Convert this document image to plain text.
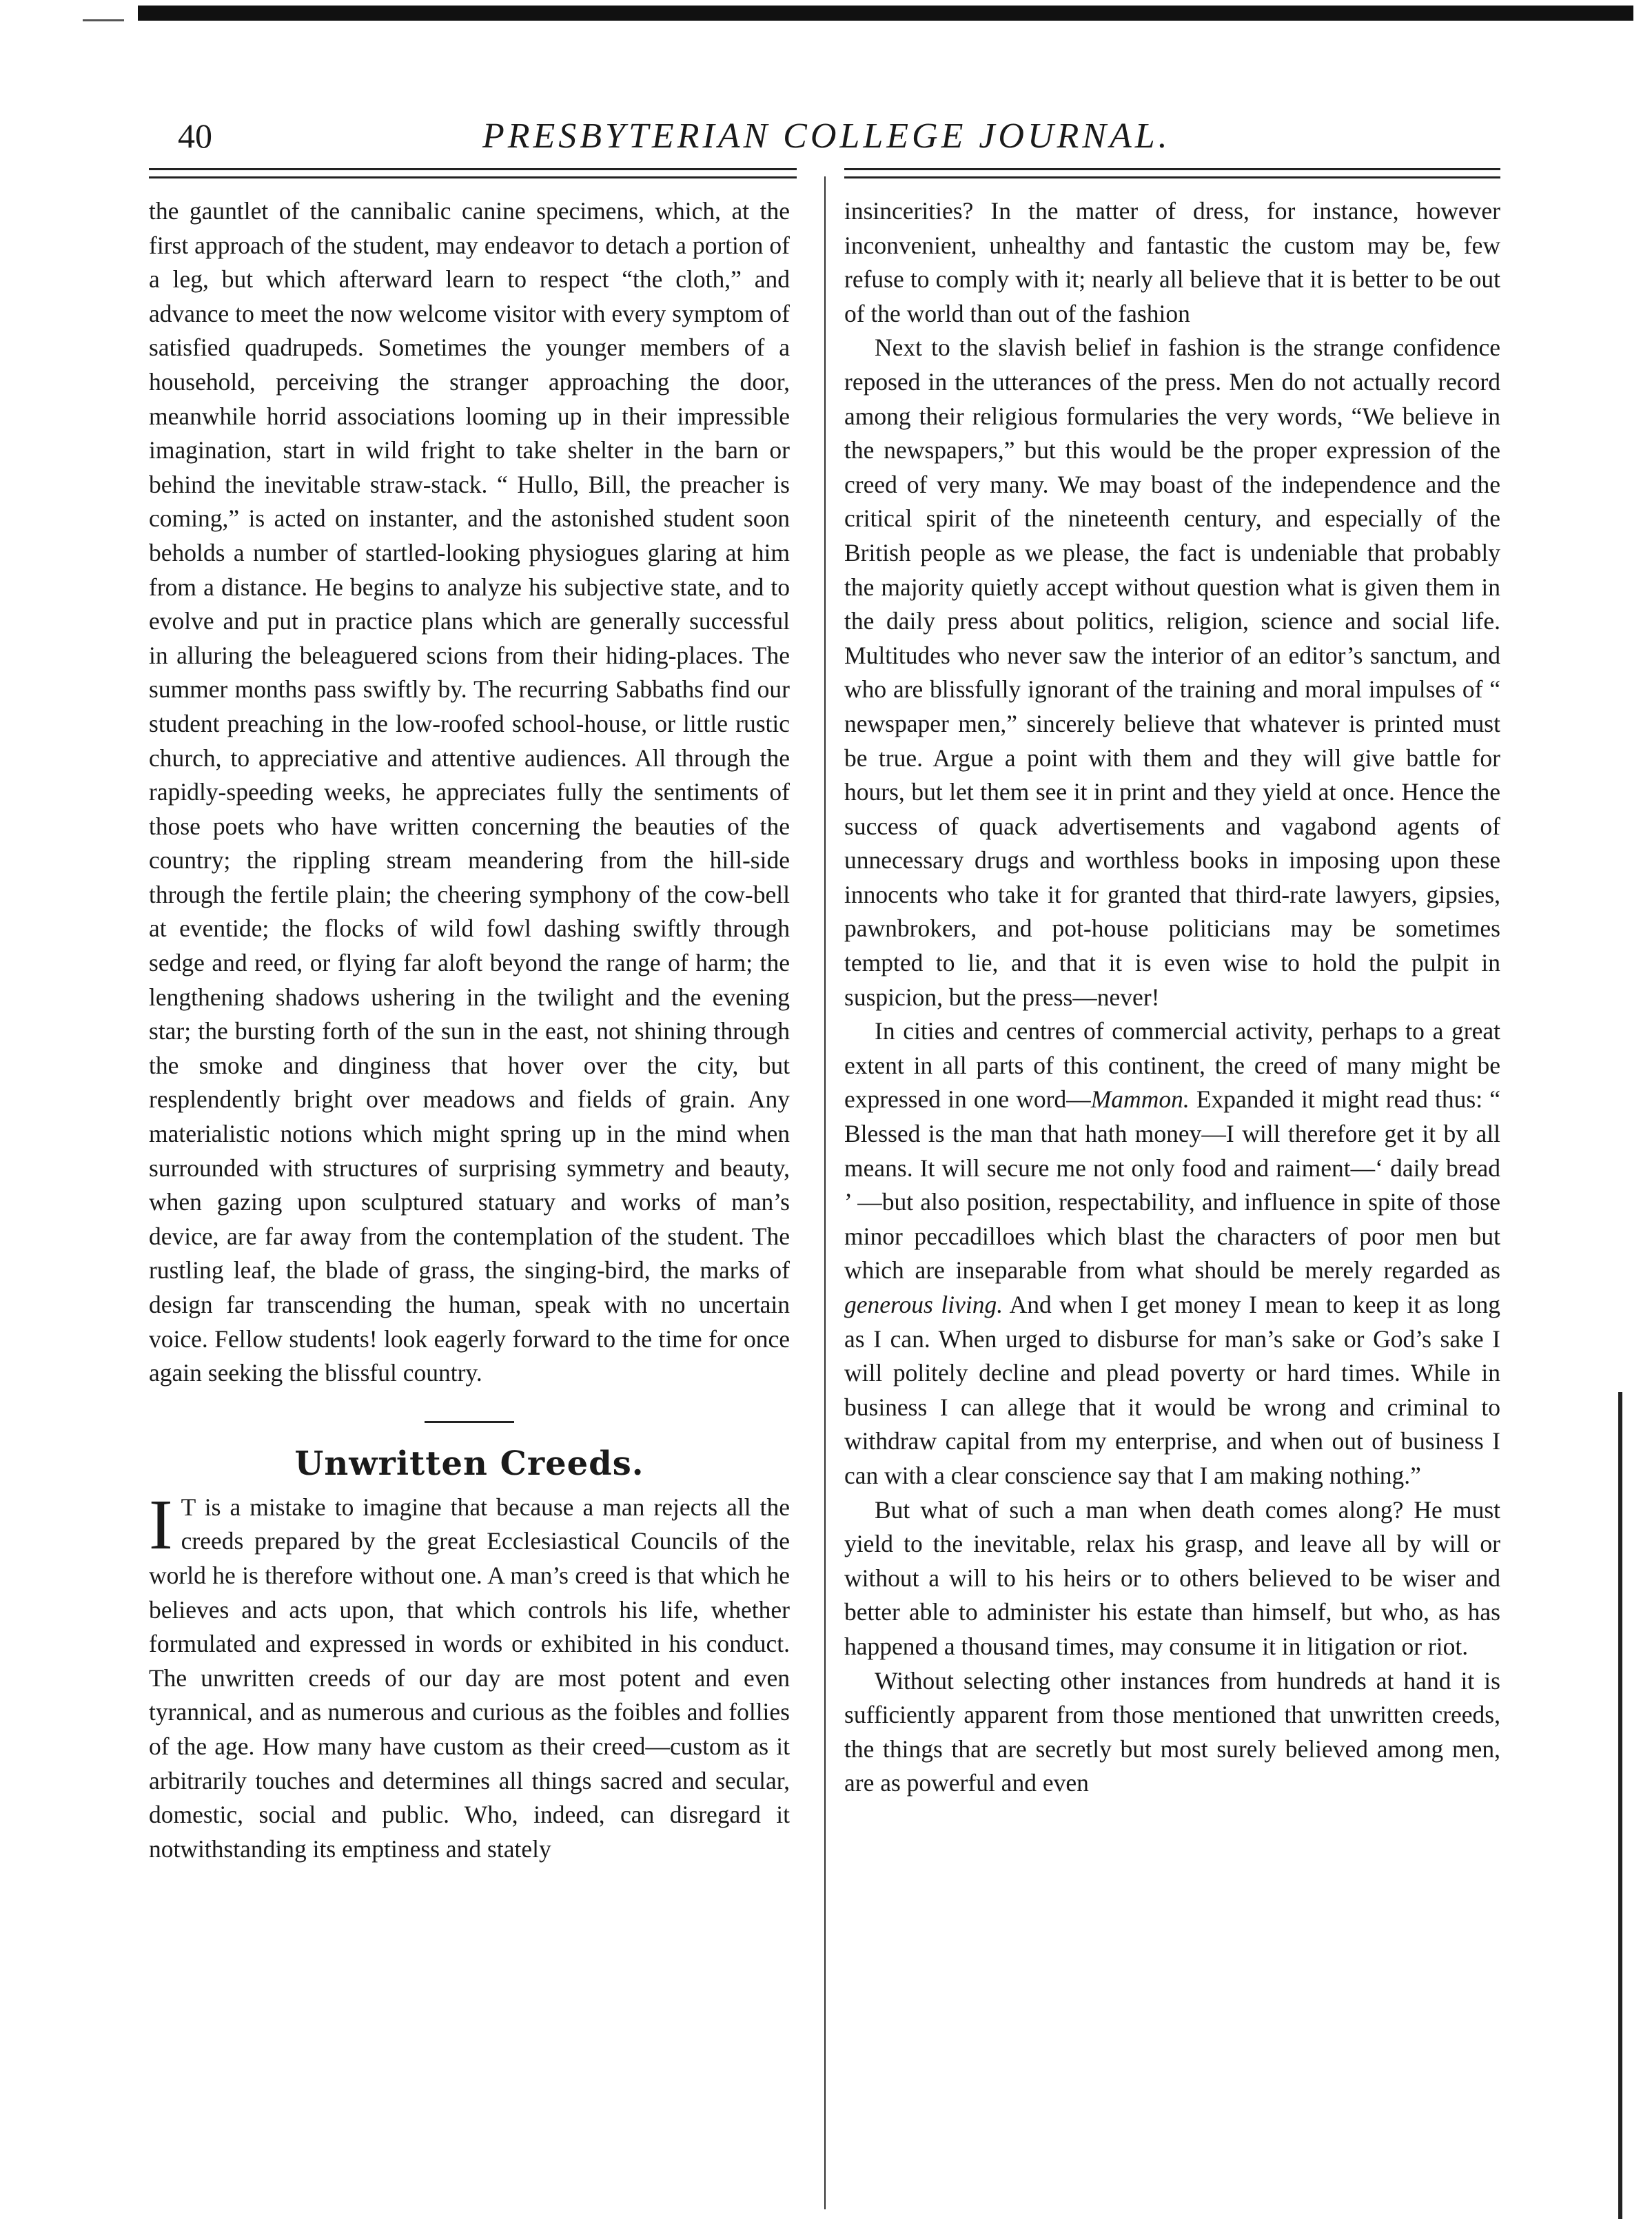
40	PRESBYTERIAN COLLEGE JOURNAL.

the gauntlet of the cannibalic canine specimens, which, at the first approach of the student, may endeavor to detach a portion of a leg, but which afterward learn to respect “the cloth,” and advance to meet the now welcome visitor with every symptom of satisfied quadrupeds. Sometimes the younger members of a household, perceiving the stranger approaching the door, meanwhile horrid associations looming up in their impressible imagination, start in wild fright to take shelter in the barn or behind the inevitable straw-stack. “ Hullo, Bill, the preacher is coming,” is acted on instanter, and the astonished student soon beholds a number of startled-looking physiogues glaring at him from a distance. He begins to analyze his subjective state, and to evolve and put in practice plans which are generally successful in alluring the beleaguered scions from their hiding-places. The summer months pass swiftly by. The recurring Sabbaths find our student preaching in the low-roofed school-house, or little rustic church, to appreciative and attentive audiences. All through the rapidly-speeding weeks, he appreciates fully the sentiments of those poets who have written concerning the beauties of the country; the rippling stream meandering from the hill-side through the fertile plain; the cheering symphony of the cow-bell at eventide; the flocks of wild fowl dashing swiftly through sedge and reed, or flying far aloft beyond the range of harm; the lengthening shadows ushering in the twilight and the evening star; the bursting forth of the sun in the east, not shining through the smoke and dinginess that hover over the city, but resplendently bright over meadows and fields of grain. Any materialistic notions which might spring up in the mind when surrounded with structures of surprising symmetry and beauty, when gazing upon sculptured statuary and works of man’s device, are far away from the contemplation of the student. The rustling leaf, the blade of grass, the singing-bird, the marks of design far transcending the human, speak with no uncertain voice. Fellow students! look eagerly forward to the time for once again seeking the blissful country.

Unwritten Creeds.

I T is a mistake to imagine that because a man rejects all the creeds prepared by the great Ecclesiastical Councils of the world he is therefore without one. A man’s creed is that which he believes and acts upon, that which controls his life, whether formulated and expressed in words or exhibited in his conduct. The unwritten creeds of our day are most potent and even tyrannical, and as numerous and curious as the foibles and follies of the age. How many have custom as their creed—custom as it arbitrarily touches and determines all things sacred and secular, domestic, social and public. Who, indeed, can disregard it notwithstanding its emptiness and stately

insincerities? In the matter of dress, for instance, however inconvenient, unhealthy and fantastic the custom may be, few refuse to comply with it; nearly all believe that it is better to be out of the world than out of the fashion

Next to the slavish belief in fashion is the strange confidence reposed in the utterances of the press. Men do not actually record among their religious formularies the very words, “We believe in the newspapers,” but this would be the proper expression of the creed of very many. We may boast of the independence and the critical spirit of the nineteenth century, and especially of the British people as we please, the fact is undeniable that probably the majority quietly accept without question what is given them in the daily press about politics, religion, science and social life. Multitudes who never saw the interior of an editor’s sanctum, and who are blissfully ignorant of the training and moral impulses of “ newspaper men,” sincerely believe that whatever is printed must be true. Argue a point with them and they will give battle for hours, but let them see it in print and they yield at once. Hence the success of quack advertisements and vagabond agents of unnecessary drugs and worthless books in imposing upon these innocents who take it for granted that third-rate lawyers, gipsies, pawnbrokers, and pot-house politicians may be sometimes tempted to lie, and that it is even wise to hold the pulpit in suspicion, but the press—never!

In cities and centres of commercial activity, perhaps to a great extent in all parts of this continent, the creed of many might be expressed in one word—Mammon. Expanded it might read thus: “ Blessed is the man that hath money—I will therefore get it by all means. It will secure me not only food and raiment—‘ daily bread ’ —but also position, respectability, and influence in spite of those minor peccadilloes which blast the characters of poor men but which are inseparable from what should be merely regarded as generous living. And when I get money I mean to keep it as long as I can. When urged to disburse for man’s sake or God’s sake I will politely decline and plead poverty or hard times. While in business I can allege that it would be wrong and criminal to withdraw capital from my enterprise, and when out of business I can with a clear conscience say that I am making nothing.”

But what of such a man when death comes along? He must yield to the inevitable, relax his grasp, and leave all by will or without a will to his heirs or to others believed to be wiser and better able to administer his estate than himself, but who, as has happened a thousand times, may consume it in litigation or riot.

Without selecting other instances from hundreds at hand it is sufficiently apparent from those mentioned that unwritten creeds, the things that are secretly but most surely believed among men, are as powerful and even
